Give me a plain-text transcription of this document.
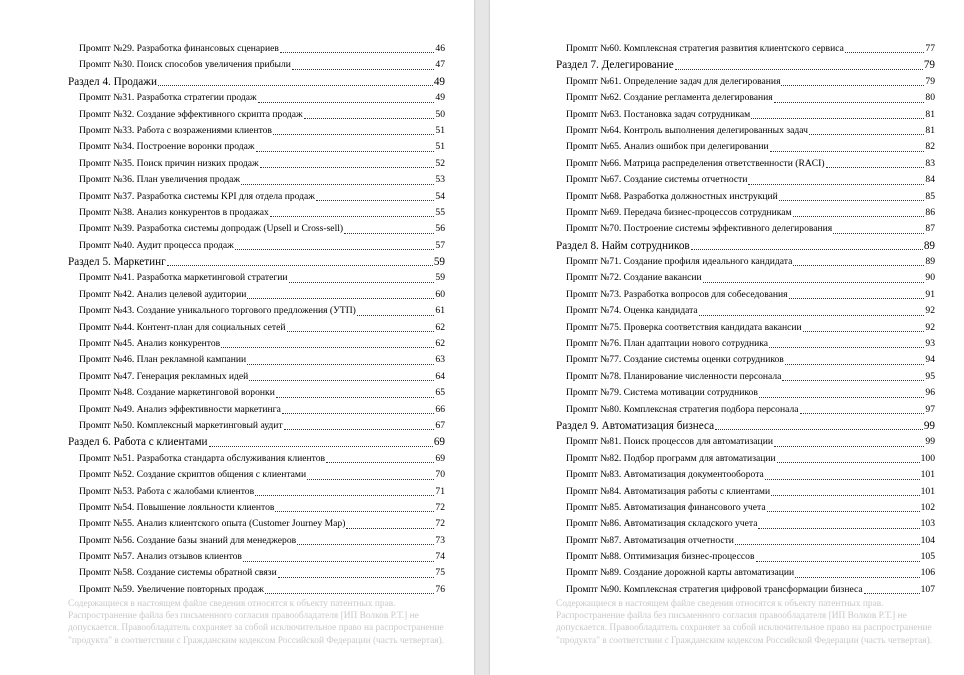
Промпт №29. Разработка финансовых сценариев	46
Промпт №30. Поиск способов увеличения прибыли	47
Раздел 4. Продажи	49
Промпт №31. Разработка стратегии продаж	49
Промпт №32. Создание эффективного скрипта продаж	50
Промпт №33. Работа с возражениями клиентов	51
Промпт №34. Построение воронки продаж	51
Промпт №35. Поиск причин низких продаж	52
Промпт №36. План увеличения продаж	53
Промпт №37. Разработка системы KPI для отдела продаж	54
Промпт №38. Анализ конкурентов в продажах	55
Промпт №39. Разработка системы допродаж (Upsell и Cross-sell)	56
Промпт №40. Аудит процесса продаж	57
Раздел 5. Маркетинг	59
Промпт №41. Разработка маркетинговой стратегии	59
Промпт №42. Анализ целевой аудитории	60
Промпт №43. Создание уникального торгового предложения (УТП)	61
Промпт №44. Контент-план для социальных сетей	62
Промпт №45. Анализ конкурентов	62
Промпт №46. План рекламной кампании	63
Промпт №47. Генерация рекламных идей	64
Промпт №48. Создание маркетинговой воронки	65
Промпт №49. Анализ эффективности маркетинга	66
Промпт №50. Комплексный маркетинговый аудит	67
Раздел 6. Работа с клиентами	69
Промпт №51. Разработка стандарта обслуживания клиентов	69
Промпт №52. Создание скриптов общения с клиентами	70
Промпт №53. Работа с жалобами клиентов	71
Промпт №54. Повышение лояльности клиентов	72
Промпт №55. Анализ клиентского опыта (Customer Journey Map)	72
Промпт №56. Создание базы знаний для менеджеров	73
Промпт №57. Анализ отзывов клиентов	74
Промпт №58. Создание системы обратной связи	75
Промпт №59. Увеличение повторных продаж	76
Содержащиеся в настоящем файле сведения относятся к объекту патентных прав. Распространение файла без письменного согласия правообладателя [ИП Волков Р.Т.] не допускается. Правообладатель сохраняет за собой исключительное право на распространение "продукта" в соответствии с Гражданским кодексом Российской Федерации (часть четвертая).
Промпт №60. Комплексная стратегия развития клиентского сервиса	77
Раздел 7. Делегирование	79
Промпт №61. Определение задач для делегирования	79
Промпт №62. Создание регламента делегирования	80
Промпт №63. Постановка задач сотрудникам	81
Промпт №64. Контроль выполнения делегированных задач	81
Промпт №65. Анализ ошибок при делегировании	82
Промпт №66. Матрица распределения ответственности (RACI)	83
Промпт №67. Создание системы отчетности	84
Промпт №68. Разработка должностных инструкций	85
Промпт №69. Передача бизнес-процессов сотрудникам	86
Промпт №70. Построение системы эффективного делегирования	87
Раздел 8. Найм сотрудников	89
Промпт №71. Создание профиля идеального кандидата	89
Промпт №72. Создание вакансии	90
Промпт №73. Разработка вопросов для собеседования	91
Промпт №74. Оценка кандидата	92
Промпт №75. Проверка соответствия кандидата вакансии	92
Промпт №76. План адаптации нового сотрудника	93
Промпт №77. Создание системы оценки сотрудников	94
Промпт №78. Планирование численности персонала	95
Промпт №79. Система мотивации сотрудников	96
Промпт №80. Комплексная стратегия подбора персонала	97
Раздел 9. Автоматизация бизнеса	99
Промпт №81. Поиск процессов для автоматизации	99
Промпт №82. Подбор программ для автоматизации	100
Промпт №83. Автоматизация документооборота	101
Промпт №84. Автоматизация работы с клиентами	101
Промпт №85. Автоматизация финансового учета	102
Промпт №86. Автоматизация складского учета	103
Промпт №87. Автоматизация отчетности	104
Промпт №88. Оптимизация бизнес-процессов	105
Промпт №89. Создание дорожной карты автоматизации	106
Промпт №90. Комплексная стратегия цифровой трансформации бизнеса	107
Содержащиеся в настоящем файле сведения относятся к объекту патентных прав. Распространение файла без письменного согласия правообладателя [ИП Волков Р.Т.] не допускается. Правообладатель сохраняет за собой исключительное право на распространение "продукта" в соответствии с Гражданским кодексом Российской Федерации (часть четвертая).
